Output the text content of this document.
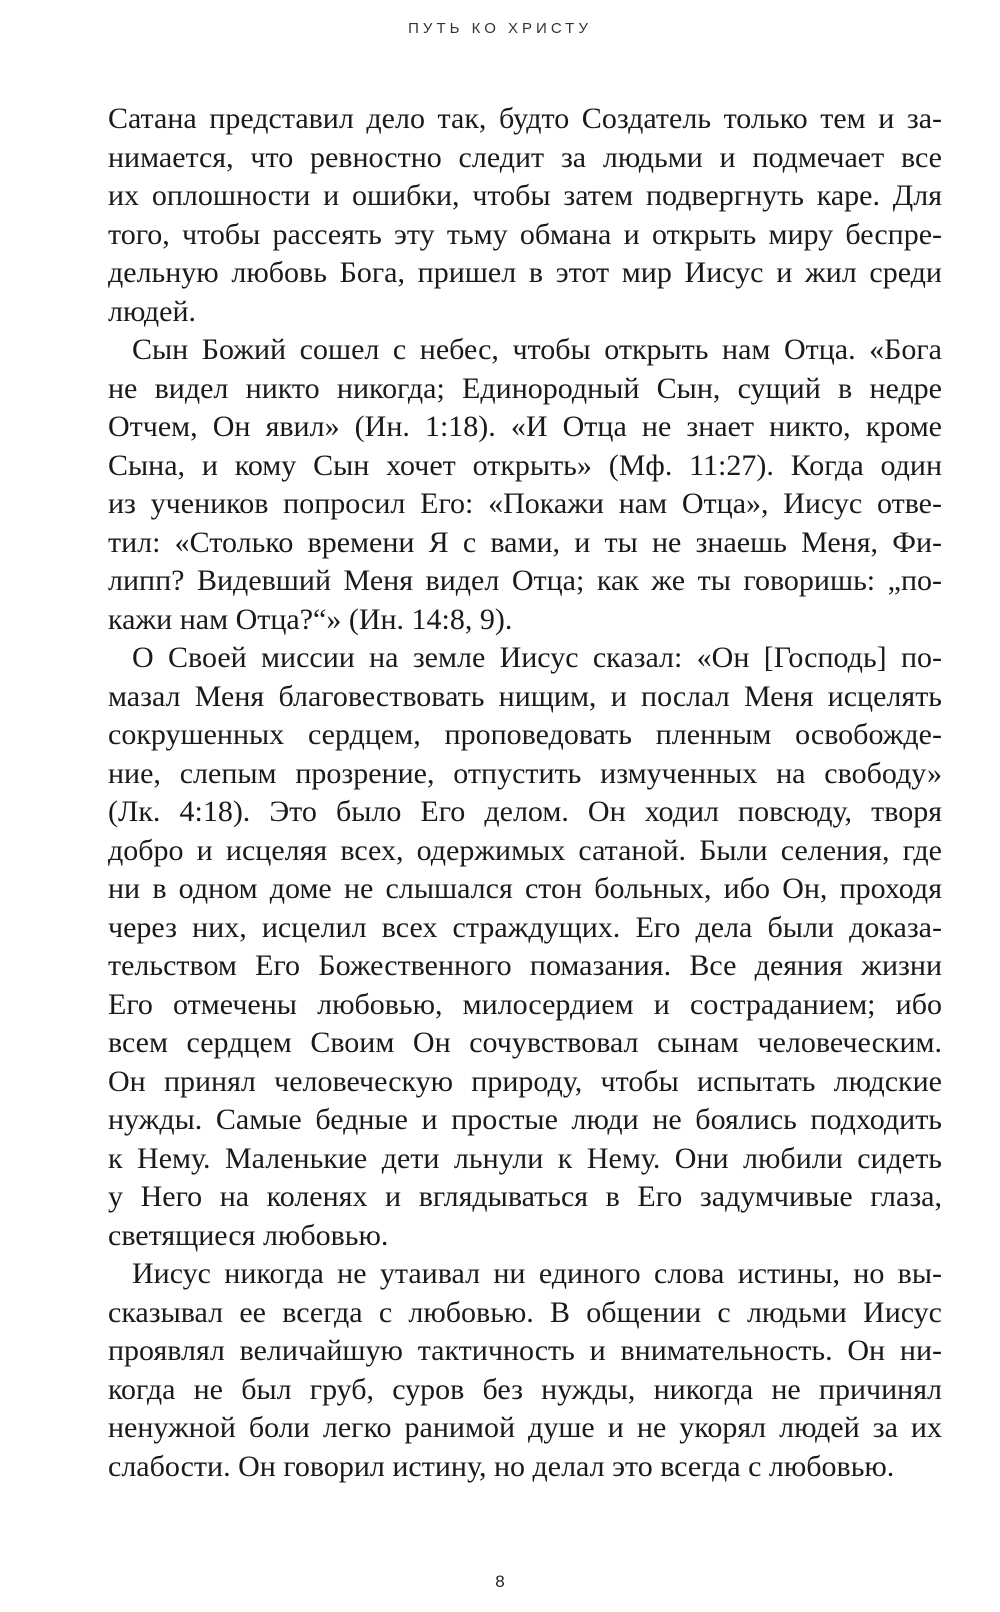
ПУТЬ КО ХРИСТУ
Сатана представил дело так, будто Создатель только тем и за-
нимается, что ревностно следит за людьми и подмечает все
их оплошности и ошибки, чтобы затем подвергнуть каре. Для
того, чтобы рассеять эту тьму обмана и открыть миру беспре-
дельную любовь Бога, пришел в этот мир Иисус и жил среди
людей.
Сын Божий сошел с небес, чтобы открыть нам Отца. «Бога
не видел никто никогда; Единородный Сын, сущий в недре
Отчем, Он явил» (Ин. 1:18). «И Отца не знает никто, кроме
Сына, и кому Сын хочет открыть» (Мф. 11:27). Когда один
из учеников попросил Его: «Покажи нам Отца», Иисус отве-
тил: «Столько времени Я с вами, и ты не знаешь Меня, Фи-
липп? Видевший Меня видел Отца; как же ты говоришь: „по-
кажи нам Отца?“» (Ин. 14:8, 9).
О Своей миссии на земле Иисус сказал: «Он [Господь] по-
мазал Меня благовествовать нищим, и послал Меня исцелять
сокрушенных сердцем, проповедовать пленным освобожде-
ние, слепым прозрение, отпустить измученных на свободу»
(Лк. 4:18). Это было Его делом. Он ходил повсюду, творя
добро и исцеляя всех, одержимых сатаной. Были селения, где
ни в одном доме не слышался стон больных, ибо Он, проходя
через них, исцелил всех страждущих. Его дела были доказа-
тельством Его Божественного помазания. Все деяния жизни
Его отмечены любовью, милосердием и состраданием; ибо
всем сердцем Своим Он сочувствовал сынам человеческим.
Он принял человеческую природу, чтобы испытать людские
нужды. Самые бедные и простые люди не боялись подходить
к Нему. Маленькие дети льнули к Нему. Они любили сидеть
у Него на коленях и вглядываться в Его задумчивые глаза,
светящиеся любовью.
Иисус никогда не утаивал ни единого слова истины, но вы-
сказывал ее всегда с любовью. В общении с людьми Иисус
проявлял величайшую тактичность и внимательность. Он ни-
когда не был груб, суров без нужды, никогда не причинял
ненужной боли легко ранимой душе и не укорял людей за их
слабости. Он говорил истину, но делал это всегда с любовью.
8
